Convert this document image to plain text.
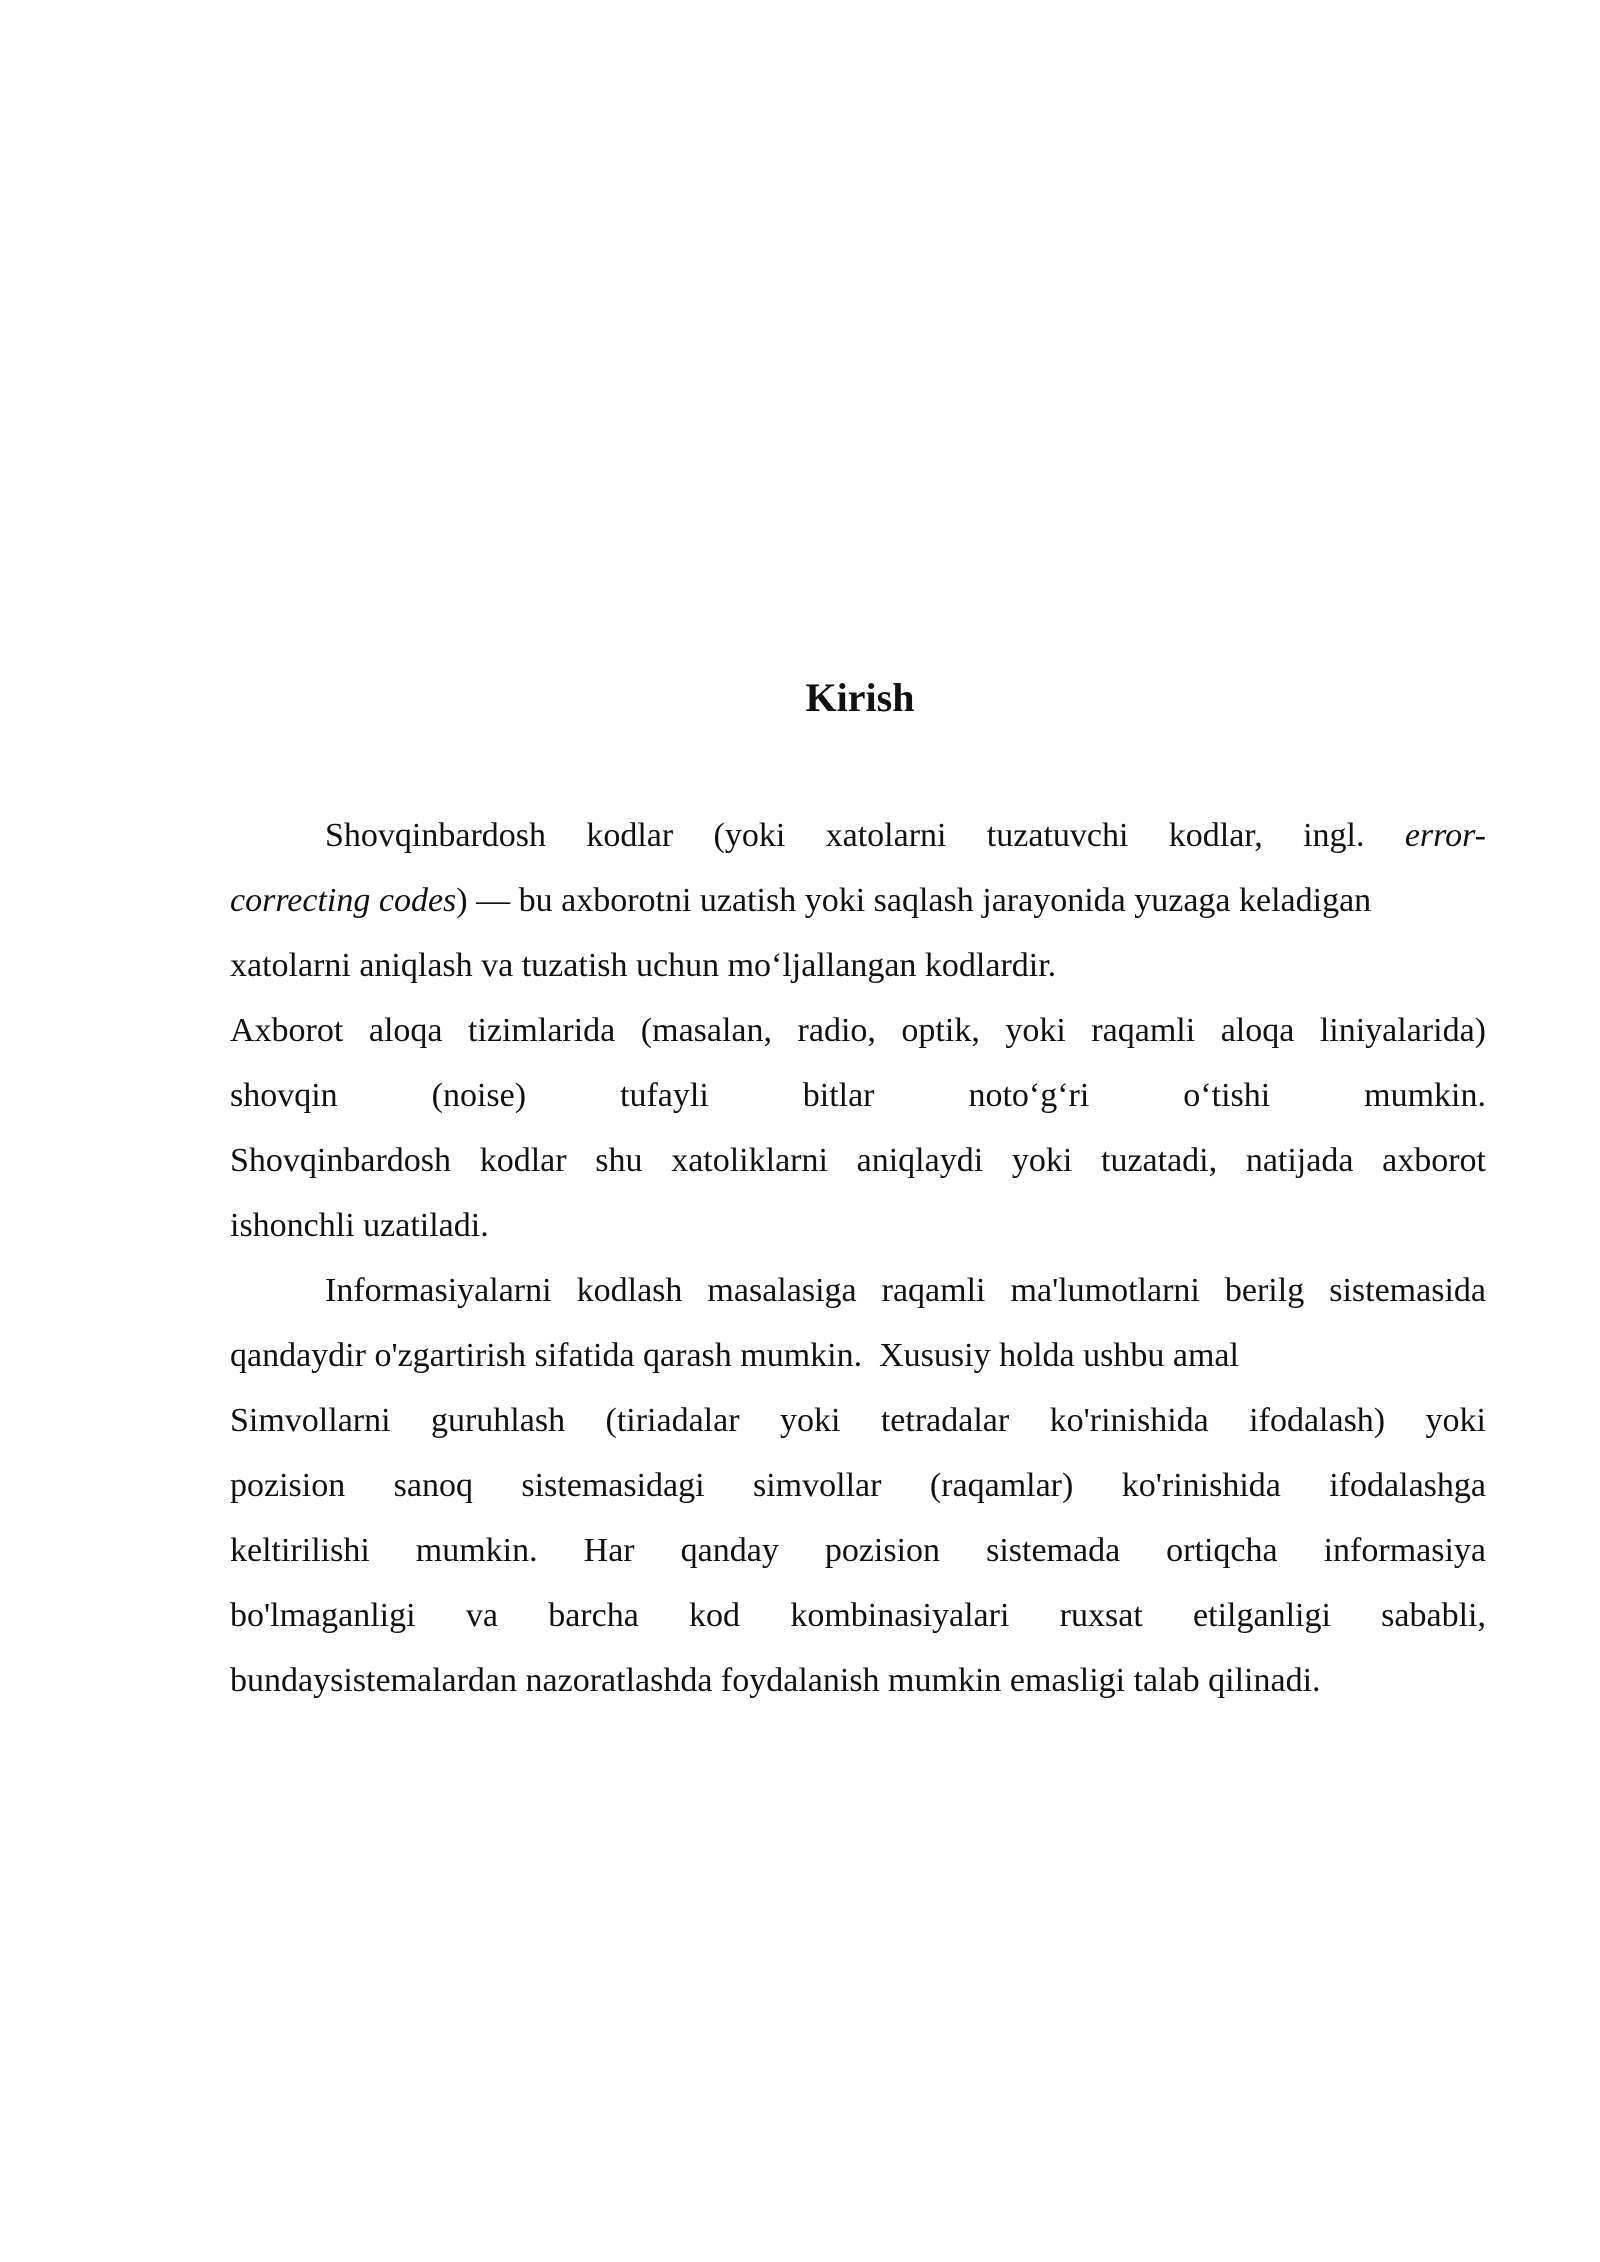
Kirish
Shovqinbardosh kodlar (yoki xatolarni tuzatuvchi kodlar, ingl. error-
correcting codes) — bu axborotni uzatish yoki saqlash jarayonida yuzaga keladigan
xatolarni aniqlash va tuzatish uchun mo‘ljallangan kodlardir.
Axborot aloqa tizimlarida (masalan, radio, optik, yoki raqamli aloqa liniyalarida)
shovqin (noise) tufayli bitlar noto‘g‘ri o‘tishi mumkin.
Shovqinbardosh kodlar shu xatoliklarni aniqlaydi yoki tuzatadi, natijada axborot
ishonchli uzatiladi.
Informasiyalarni kodlash masalasiga raqamli ma'lumotlarni berilg sistemasida
qandaydir o'zgartirish sifatida qarash mumkin.  Xususiy holda ushbu amal
Simvollarni guruhlash (tiriadalar yoki tetradalar ko'rinishida ifodalash) yoki
pozision sanoq sistemasidagi simvollar (raqamlar) ko'rinishida ifodalashga
keltirilishi mumkin. Har qanday pozision sistemada ortiqcha informasiya
bo'lmaganligi va barcha kod kombinasiyalari ruxsat etilganligi sababli,
bundaysistemalardan nazoratlashda foydalanish mumkin emasligi talab qilinadi.
